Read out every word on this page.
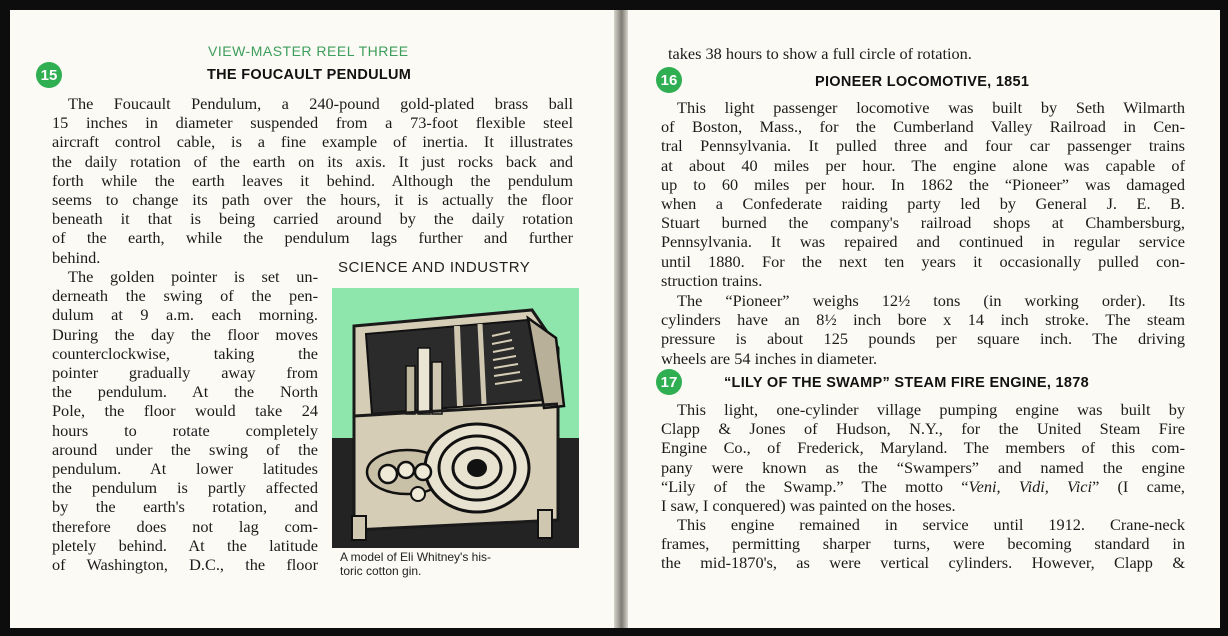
VIEW-MASTER REEL THREE
15	THE FOUCAULT PENDULUM
The Foucault Pendulum, a 240-pound gold-plated brass ball
15 inches in diameter suspended from a 73-foot flexible steel
aircraft control cable, is a fine example of inertia. It illustrates
the daily rotation of the earth on its axis. It just rocks back and
forth while the earth leaves it behind. Although the pendulum
seems to change its path over the hours, it is actually the floor
beneath it that is being carried around by the daily rotation
of the earth, while the pendulum lags further and further
behind.
The golden pointer is set un-
derneath the swing of the pen-
dulum at 9 a.m. each morning.
During the day the floor moves
counterclockwise, taking the
pointer gradually away from
the pendulum. At the North
Pole, the floor would take 24
hours to rotate completely
around under the swing of the
pendulum. At lower latitudes
the pendulum is partly affected
by the earth's rotation, and
therefore does not lag com-
pletely behind. At the latitude
of Washington, D.C., the floor
SCIENCE AND INDUSTRY
A model of Eli Whitney's his-
toric cotton gin.
takes 38 hours to show a full circle of rotation.
16	PIONEER LOCOMOTIVE, 1851
This light passenger locomotive was built by Seth Wilmarth
of Boston, Mass., for the Cumberland Valley Railroad in Cen-
tral Pennsylvania. It pulled three and four car passenger trains
at about 40 miles per hour. The engine alone was capable of
up to 60 miles per hour. In 1862 the “Pioneer” was damaged
when a Confederate raiding party led by General J. E. B.
Stuart burned the company's railroad shops at Chambersburg,
Pennsylvania. It was repaired and continued in regular service
until 1880. For the next ten years it occasionally pulled con-
struction trains.
The “Pioneer” weighs 12½ tons (in working order). Its
cylinders have an 8½ inch bore x 14 inch stroke. The steam
pressure is about 125 pounds per square inch. The driving
wheels are 54 inches in diameter.
17	“LILY OF THE SWAMP” STEAM FIRE ENGINE, 1878
This light, one-cylinder village pumping engine was built by
Clapp & Jones of Hudson, N.Y., for the United Steam Fire
Engine Co., of Frederick, Maryland. The members of this com-
pany were known as the “Swampers” and named the engine
“Lily of the Swamp.” The motto “Veni, Vidi, Vici” (I came,
I saw, I conquered) was painted on the hoses.
This engine remained in service until 1912. Crane-neck
frames, permitting sharper turns, were becoming standard in
the mid-1870's, as were vertical cylinders. However, Clapp &
